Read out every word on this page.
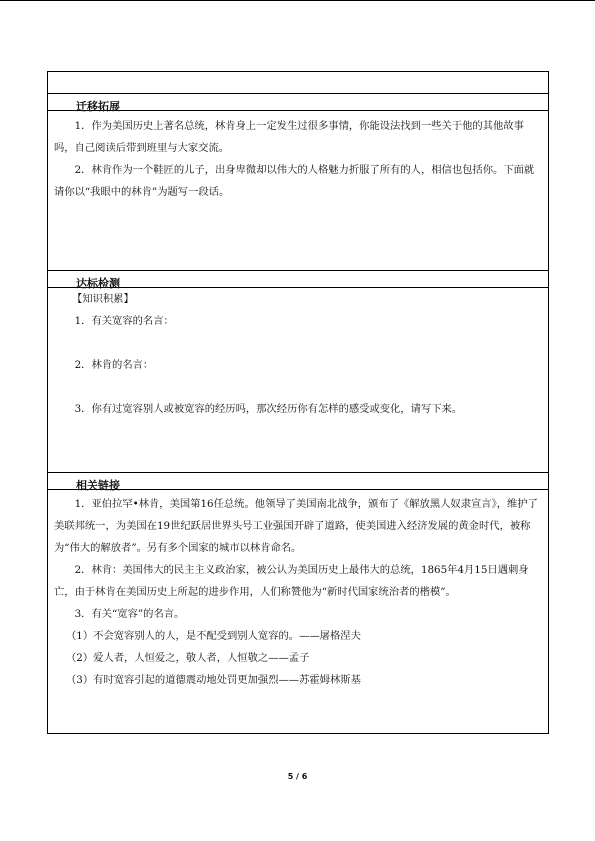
迁移拓展

1．作为美国历史上著名总统，林肯身上一定发生过很多事情，你能设法找到一些关于他的其他故事吗，自己阅读后带到班里与大家交流。

2．林肯作为一个鞋匠的儿子，出身卑微却以伟大的人格魅力折服了所有的人，相信也包括你。下面就请你以“我眼中的林肯”为题写一段话。

达标检测

【知识积累】

1．有关宽容的名言：

2．林肯的名言：

3．你有过宽容别人或被宽容的经历吗，那次经历你有怎样的感受或变化，请写下来。

相关链接

1．亚伯拉罕•林肯，美国第16任总统。他领导了美国南北战争，颁布了《解放黑人奴隶宣言》，维护了美联邦统一，为美国在19世纪跃居世界头号工业强国开辟了道路，使美国进入经济发展的黄金时代，被称为“伟大的解放者”。另有多个国家的城市以林肯命名。

2．林肯：美国伟大的民主主义政治家，被公认为美国历史上最伟大的总统，1865年4月15日遇刺身亡，由于林肯在美国历史上所起的进步作用，人们称赞他为“新时代国家统治者的楷模”。

3．有关“宽容”的名言。

（1）不会宽容别人的人，是不配受到别人宽容的。——屠格涅夫

（2）爱人者，人恒爱之，敬人者，人恒敬之——孟子

（3）有时宽容引起的道德震动地处罚更加强烈——苏霍姆林斯基

5 / 6
